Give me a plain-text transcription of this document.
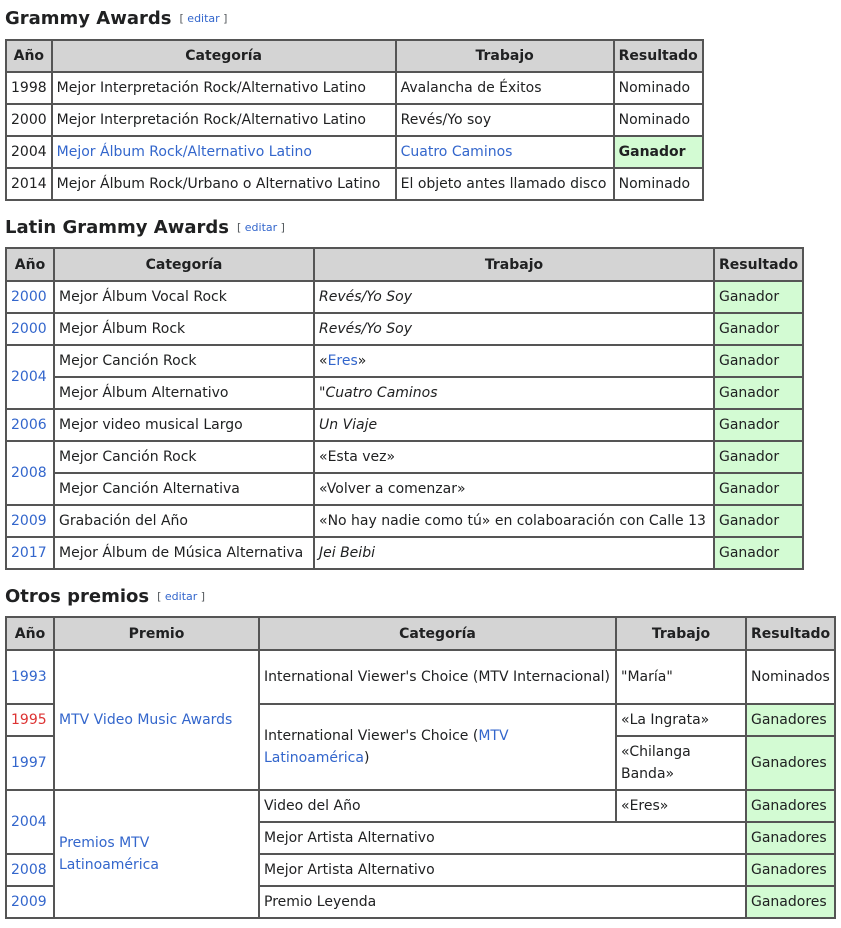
Grammy Awards [ editar ]
Año	Categoría	Trabajo	Resultado
1998	Mejor Interpretación Rock/Alternativo Latino	Avalancha de Éxitos	Nominado
2000	Mejor Interpretación Rock/Alternativo Latino	Revés/Yo soy	Nominado
2004	Mejor Álbum Rock/Alternativo Latino	Cuatro Caminos	Ganador
2014	Mejor Álbum Rock/Urbano o Alternativo Latino	El objeto antes llamado disco	Nominado
Latin Grammy Awards [ editar ]
Año	Categoría	Trabajo	Resultado
2000	Mejor Álbum Vocal Rock	Revés/Yo Soy	Ganador
2000	Mejor Álbum Rock	Revés/Yo Soy	Ganador
2004	Mejor Canción Rock	«Eres»	Ganador
	Mejor Álbum Alternativo	"Cuatro Caminos	Ganador
2006	Mejor video musical Largo	Un Viaje	Ganador
2008	Mejor Canción Rock	«Esta vez»	Ganador
	Mejor Canción Alternativa	«Volver a comenzar»	Ganador
2009	Grabación del Año	«No hay nadie como tú» en colaboaración con Calle 13	Ganador
2017	Mejor Álbum de Música Alternativa	Jei Beibi	Ganador
Otros premios [ editar ]
Año	Premio	Categoría	Trabajo	Resultado
1993	MTV Video Music Awards	International Viewer's Choice (MTV Internacional)	"María"	Nominados
1995		International Viewer's Choice (MTV Latinoamérica)	«La Ingrata»	Ganadores
1997			«Chilanga Banda»	Ganadores
2004	Premios MTV Latinoamérica	Video del Año	«Eres»	Ganadores
		Mejor Artista Alternativo		Ganadores
2008		Mejor Artista Alternativo		Ganadores
2009		Premio Leyenda		Ganadores
